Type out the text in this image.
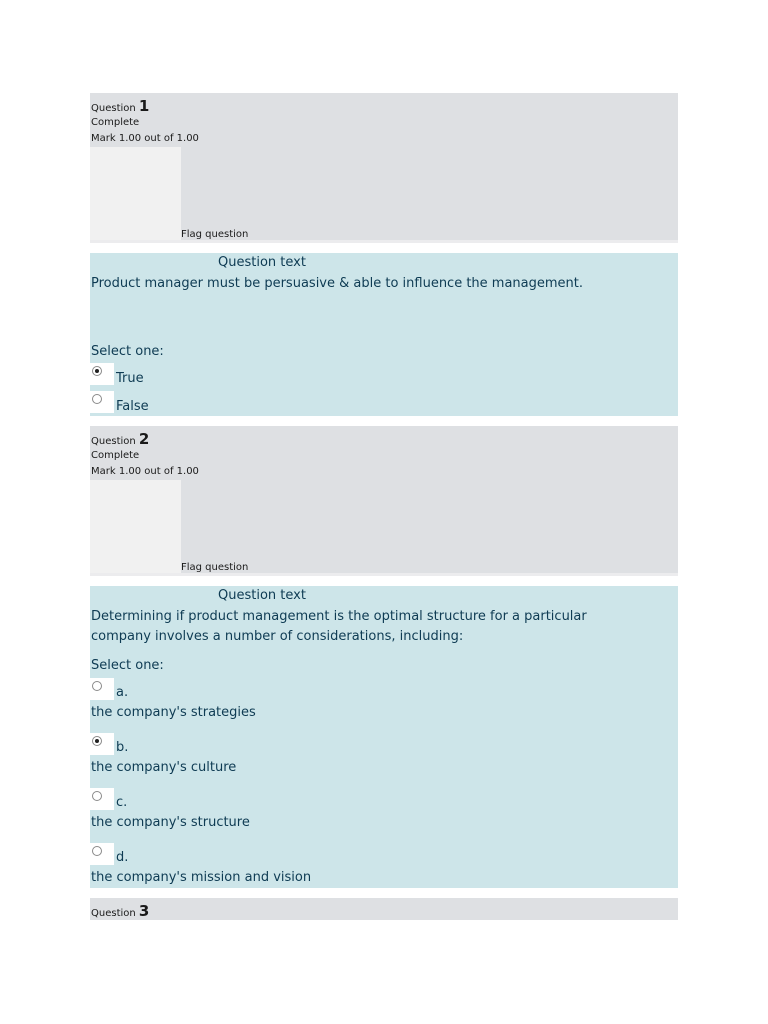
Question 1
Complete
Mark 1.00 out of 1.00
Flag question
Question text
Product manager must be persuasive & able to influence the management.
Select one:
True
False
Question 2
Complete
Mark 1.00 out of 1.00
Flag question
Question text
Determining if product management is the optimal structure for a particular company involves a number of considerations, including:
Select one:
a.
the company's strategies
b.
the company's culture
c.
the company's structure
d.
the company's mission and vision
Question 3
